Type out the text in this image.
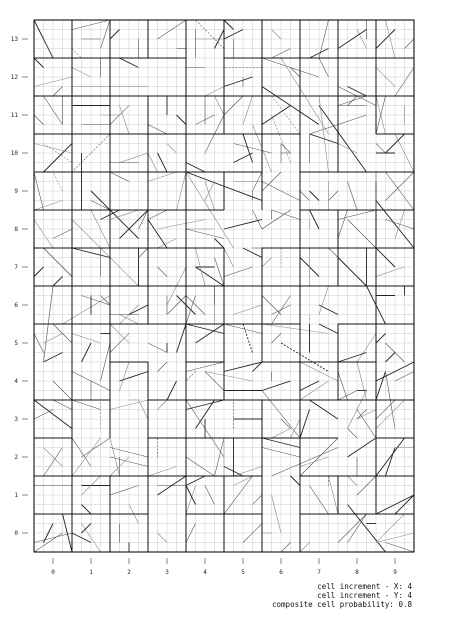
0	1	2	3	4	5	6	7	8	9
13
12
11
10
9
8
7
6
5
4
3
2
1
0
cell increment - X: 4
cell increment - Y: 4
composite cell probability: 0.8
